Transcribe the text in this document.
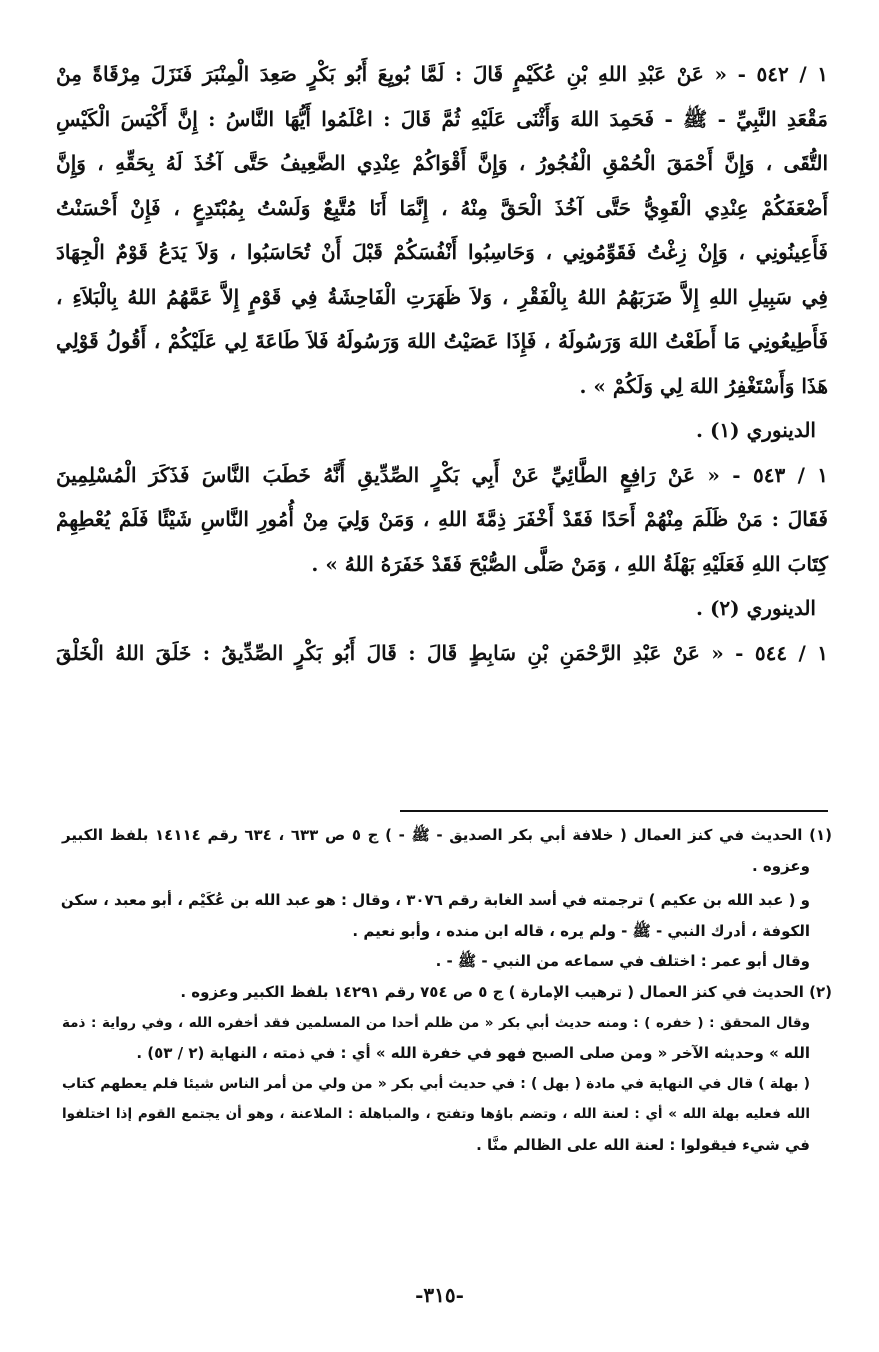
١ / ٥٤٢ - « عَنْ عَبْدِ اللهِ بْنِ عُكَيْمٍ قَالَ : لَمَّا بُويِعَ أَبُو بَكْرٍ صَعِدَ الْمِنْبَرَ فَنَزَلَ مِرْقَاةً مِنْ
مَقْعَدِ النَّبِيِّ - ﷺ - فَحَمِدَ اللهَ وَأَثْنَى عَلَيْهِ ثُمَّ قَالَ : اعْلَمُوا أَيُّهَا النَّاسُ : إِنَّ أَكْيَسَ الْكَيْسِ
التُّقَى ، وَإِنَّ أَحْمَقَ الْحُمْقِ الْفُجُورُ ، وَإِنَّ أَقْوَاكُمْ عِنْدِي الضَّعِيفُ حَتَّى آخُذَ لَهُ بِحَقِّهِ ، وَإِنَّ
أَضْعَفَكُمْ عِنْدِي الْقَوِيُّ حَتَّى آخُذَ الْحَقَّ مِنْهُ ، إِنَّمَا أَنَا مُتَّبِعٌ وَلَسْتُ بِمُبْتَدِعٍ ، فَإِنْ أَحْسَنْتُ
فَأَعِينُونِي ، وَإِنْ زِغْتُ فَقَوِّمُونِي ، وَحَاسِبُوا أَنْفُسَكُمْ قَبْلَ أَنْ تُحَاسَبُوا ، وَلاَ يَدَعُ قَوْمٌ الْجِهَادَ
فِي سَبِيلِ اللهِ إِلاَّ ضَرَبَهُمُ اللهُ بِالْفَقْرِ ، وَلاَ ظَهَرَتِ الْفَاحِشَةُ فِي قَوْمٍ إِلاَّ عَمَّهُمُ اللهُ بِالْبَلاَءِ ،
فَأَطِيعُونِي مَا أَطَعْتُ اللهَ وَرَسُولَهُ ، فَإِذَا عَصَيْتُ اللهَ وَرَسُولَهُ فَلاَ طَاعَةَ لِي عَلَيْكُمْ ، أَقُولُ قَوْلِي
هَذَا وَأَسْتَغْفِرُ اللهَ لِي وَلَكُمْ » .
الدينوري (١) .
١ / ٥٤٣ - « عَنْ رَافِعٍ الطَّائِيِّ عَنْ أَبِي بَكْرٍ الصِّدِّيقِ أَنَّهُ خَطَبَ النَّاسَ فَذَكَرَ الْمُسْلِمِينَ
فَقَالَ : مَنْ ظَلَمَ مِنْهُمْ أَحَدًا فَقَدْ أَخْفَرَ ذِمَّةَ اللهِ ، وَمَنْ وَلِيَ مِنْ أُمُورِ النَّاسِ شَيْئًا فَلَمْ يُعْطِهِمْ
كِتَابَ اللهِ فَعَلَيْهِ بَهْلَةُ اللهِ ، وَمَنْ صَلَّى الصُّبْحَ فَقَدْ خَفَرَهُ اللهُ » .
الدينوري (٢) .
١ / ٥٤٤ - « عَنْ عَبْدِ الرَّحْمَنِ بْنِ سَابِطٍ قَالَ : قَالَ أَبُو بَكْرٍ الصِّدِّيقُ : خَلَقَ اللهُ الْخَلْقَ
(١) الحديث في كنز العمال ( خلافة أبي بكر الصديق - ﷺ - ) ج ٥ ص ٦٣٣ ، ٦٣٤ رقم ١٤١١٤ بلفظ الكبير
وعزوه .
و ( عبد الله بن عكيم ) ترجمته في أسد الغابة رقم ٣٠٧٦ ، وقال : هو عبد الله بن عُكَيْم ، أبو معبد ، سكن
الكوفة ، أدرك النبي - ﷺ - ولم يره ، قاله ابن منده ، وأبو نعيم .
وقال أبو عمر : اختلف في سماعه من النبي - ﷺ - .
(٢) الحديث في كنز العمال ( ترهيب الإمارة ) ج ٥ ص ٧٥٤ رقم ١٤٢٩١ بلفظ الكبير وعزوه .
وقال المحقق : ( خفره ) : ومنه حديث أبي بكر « من ظلم أحدا من المسلمين فقد أخفره الله ، وفي رواية : ذمة
الله » وحديثه الآخر « ومن صلى الصبح فهو في خفرة الله » أي : في ذمته ، النهاية (٢ / ٥٣) .
( بهلة ) قال في النهاية في مادة ( بهل ) : في حديث أبي بكر « من ولي من أمر الناس شيئا فلم يعطهم كتاب
الله فعليه بهلة الله » أي : لعنة الله ، وتضم باؤها وتفتح ، والمباهلة : الملاعنة ، وهو أن يجتمع القوم إذا اختلفوا
في شيء فيقولوا : لعنة الله على الظالم منَّا .
-٣١٥-
